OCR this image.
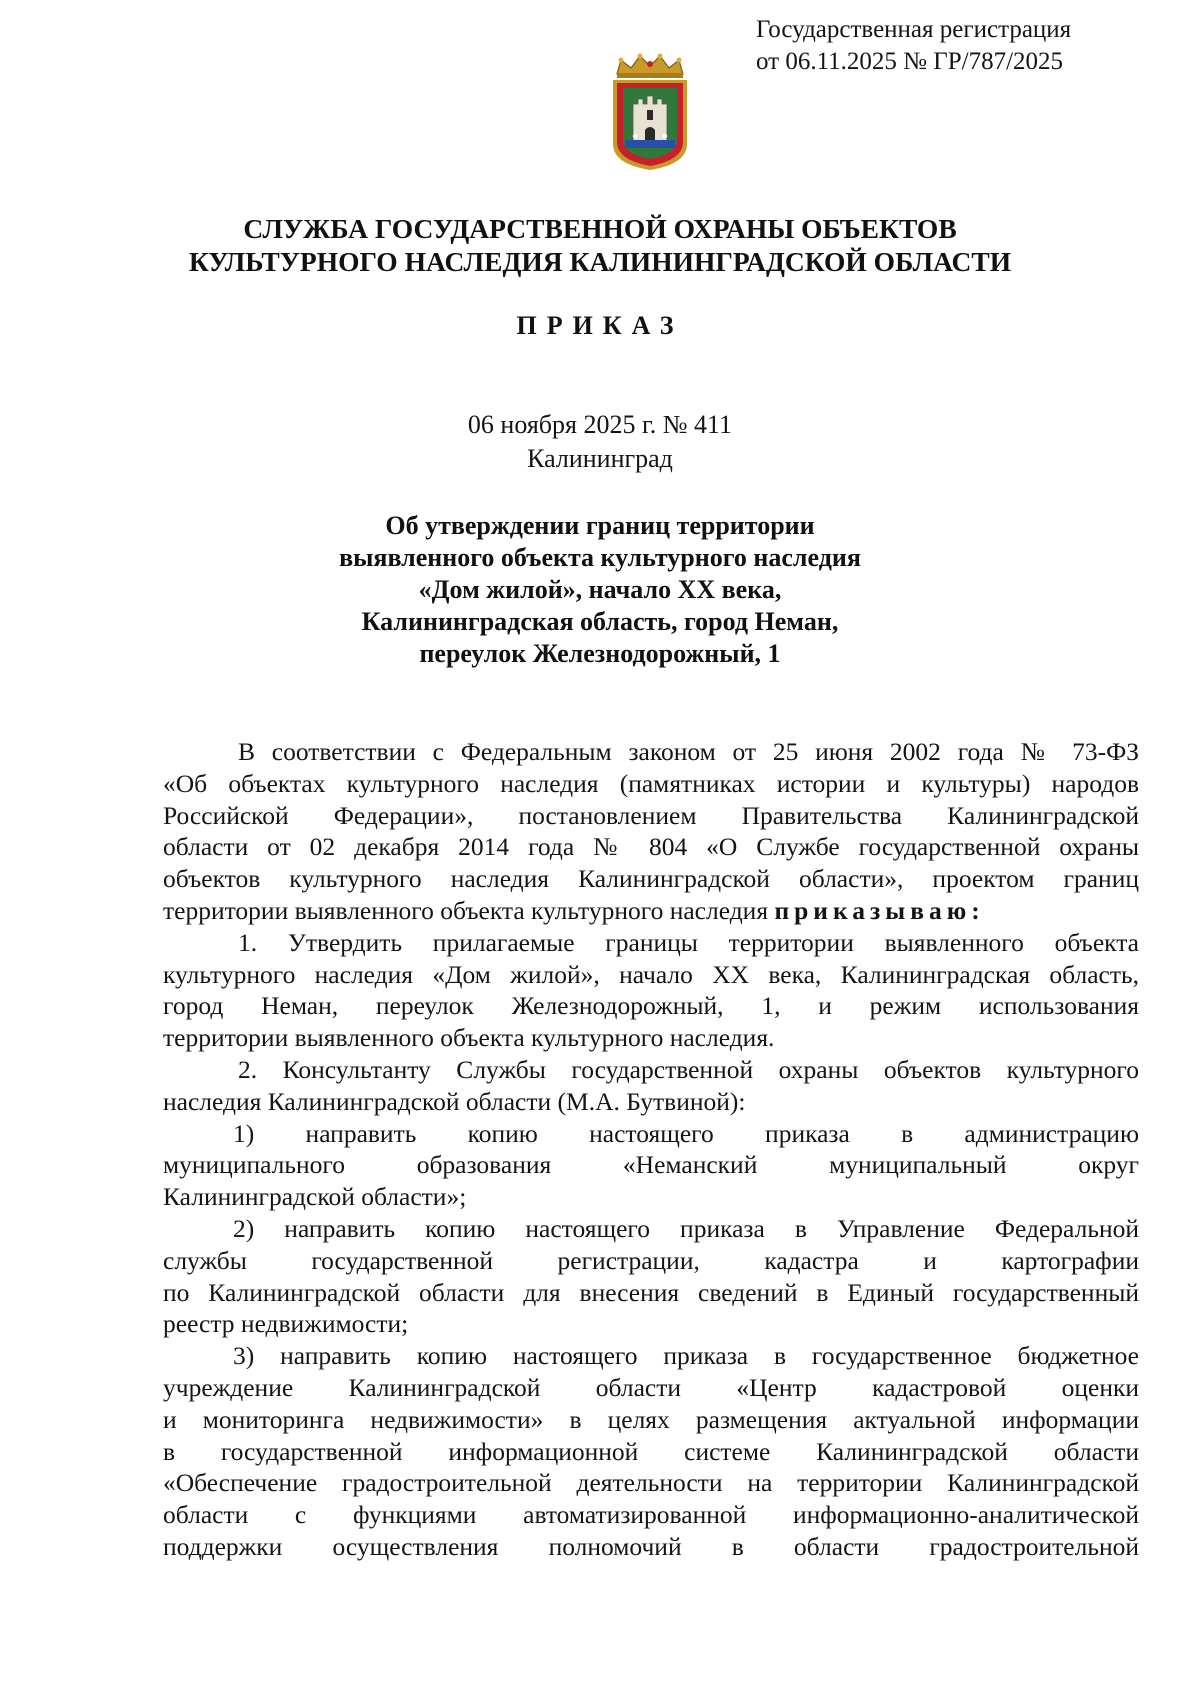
Государственная регистрация
от 06.11.2025 № ГР/787/2025
СЛУЖБА ГОСУДАРСТВЕННОЙ ОХРАНЫ ОБЪЕКТОВ
КУЛЬТУРНОГО НАСЛЕДИЯ КАЛИНИНГРАДСКОЙ ОБЛАСТИ
ПРИКАЗ
06 ноября 2025 г. № 411
Калининград
Об утверждении границ территории
выявленного объекта культурного наследия
«Дом жилой», начало XX века,
Калининградская область, город Неман,
переулок Железнодорожный, 1
В соответствии с Федеральным законом от 25 июня 2002 года № 73-ФЗ
«Об объектах культурного наследия (памятниках истории и культуры) народов
Российской Федерации», постановлением Правительства Калининградской
области от 02 декабря 2014 года № 804 «О Службе государственной охраны
объектов культурного наследия Калининградской области», проектом границ
территории выявленного объекта культурного наследия приказываю:
1. Утвердить прилагаемые границы территории выявленного объекта
культурного наследия «Дом жилой», начало XX века, Калининградская область,
город Неман, переулок Железнодорожный, 1, и режим использования
территории выявленного объекта культурного наследия.
2. Консультанту Службы государственной охраны объектов культурного
наследия Калининградской области (М.А. Бутвиной):
1) направить копию настоящего приказа в администрацию
муниципального образования «Неманский муниципальный округ
Калининградской области»;
2) направить копию настоящего приказа в Управление Федеральной
службы государственной регистрации, кадастра и картографии
по Калининградской области для внесения сведений в Единый государственный
реестр недвижимости;
3) направить копию настоящего приказа в государственное бюджетное
учреждение Калининградской области «Центр кадастровой оценки
и мониторинга недвижимости» в целях размещения актуальной информации
в государственной информационной системе Калининградской области
«Обеспечение градостроительной деятельности на территории Калининградской
области с функциями автоматизированной информационно-аналитической
поддержки осуществления полномочий в области градостроительной
